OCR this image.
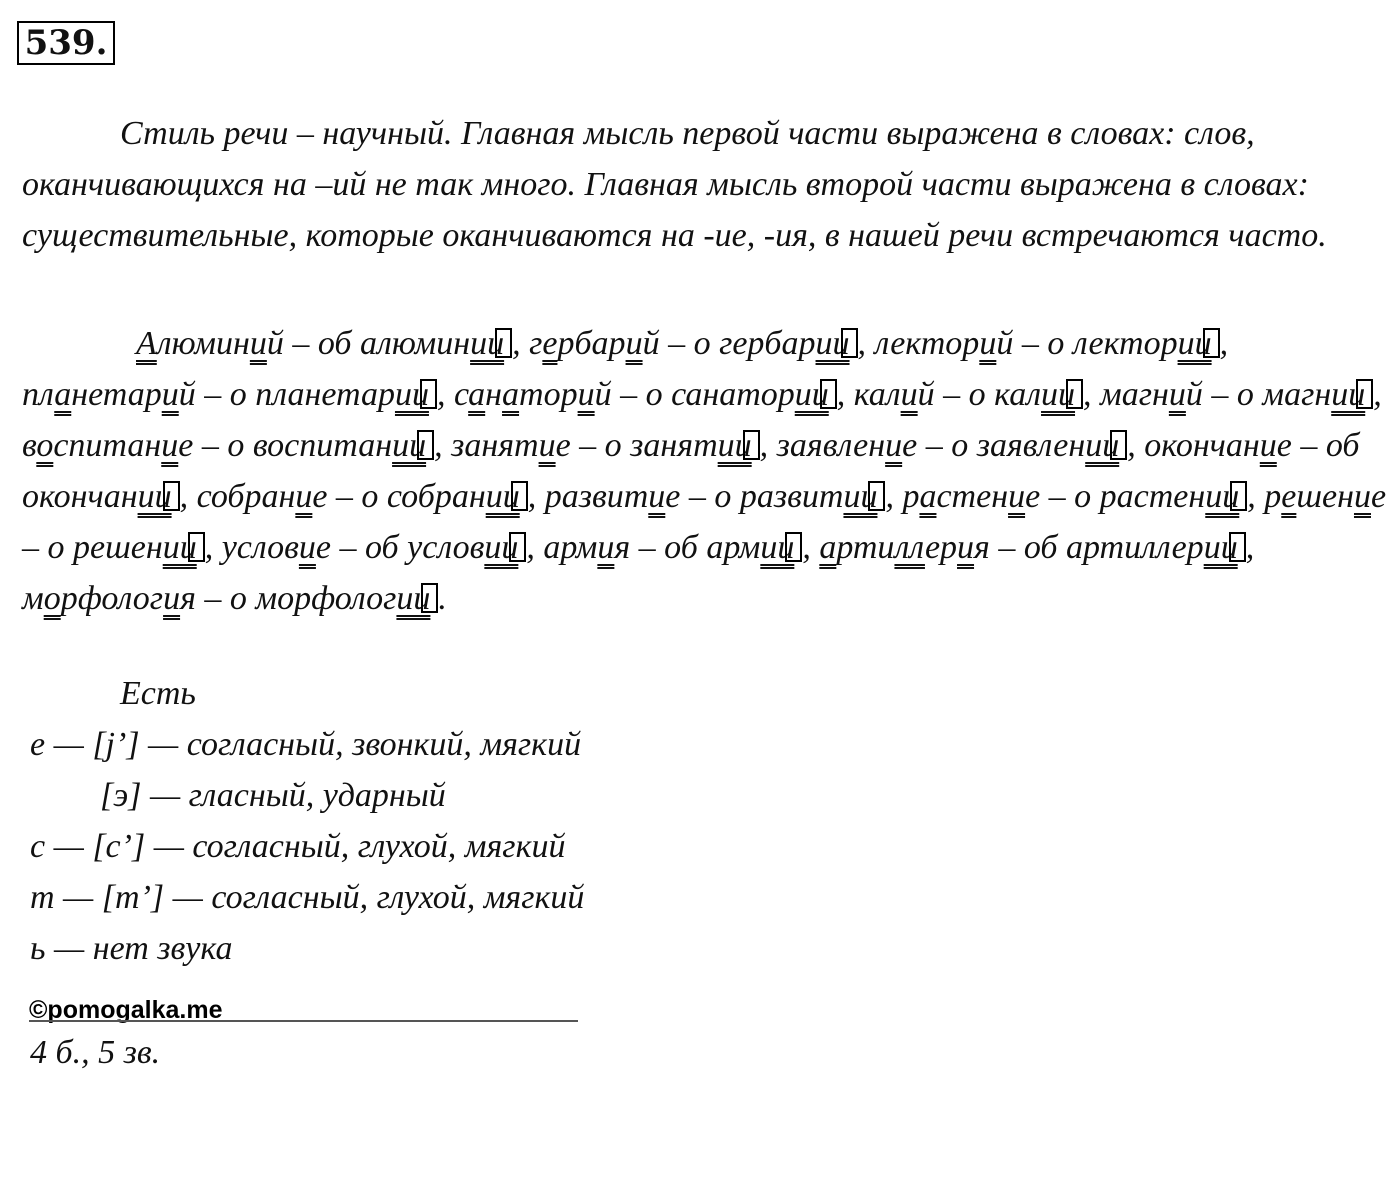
539.

Стиль речи – научный. Главная мысль первой части выражена в словах: слов, оканчивающихся на –ий не так много. Главная мысль второй части выражена в словах: существительные, которые оканчиваются на -ие, -ия, в нашей речи встречаются часто.

Алюминий – об алюминии , гербарий – о гербарии , лекторий – о лектории , планетарий – о планетарии , санаторий – о санатории , калий – о калии , магний – о магнии , воспитание – о воспитании , занятие – о занятии , заявление – о заявлении , окончание – об окончании , собрание – о собрании , развитие – о развитии , растение – о растении , решение – о решении , условие – об условии , армия – об армии , артиллерия – об артиллерии , морфология – о морфологии .

Есть
е — [j’] — согласный, звонкий, мягкий
[э] — гласный, ударный
с — [с’] — согласный, глухой, мягкий
т — [т’] — согласный, глухой, мягкий
ь — нет звука
©pomogalka.me
4 б., 5 зв.
